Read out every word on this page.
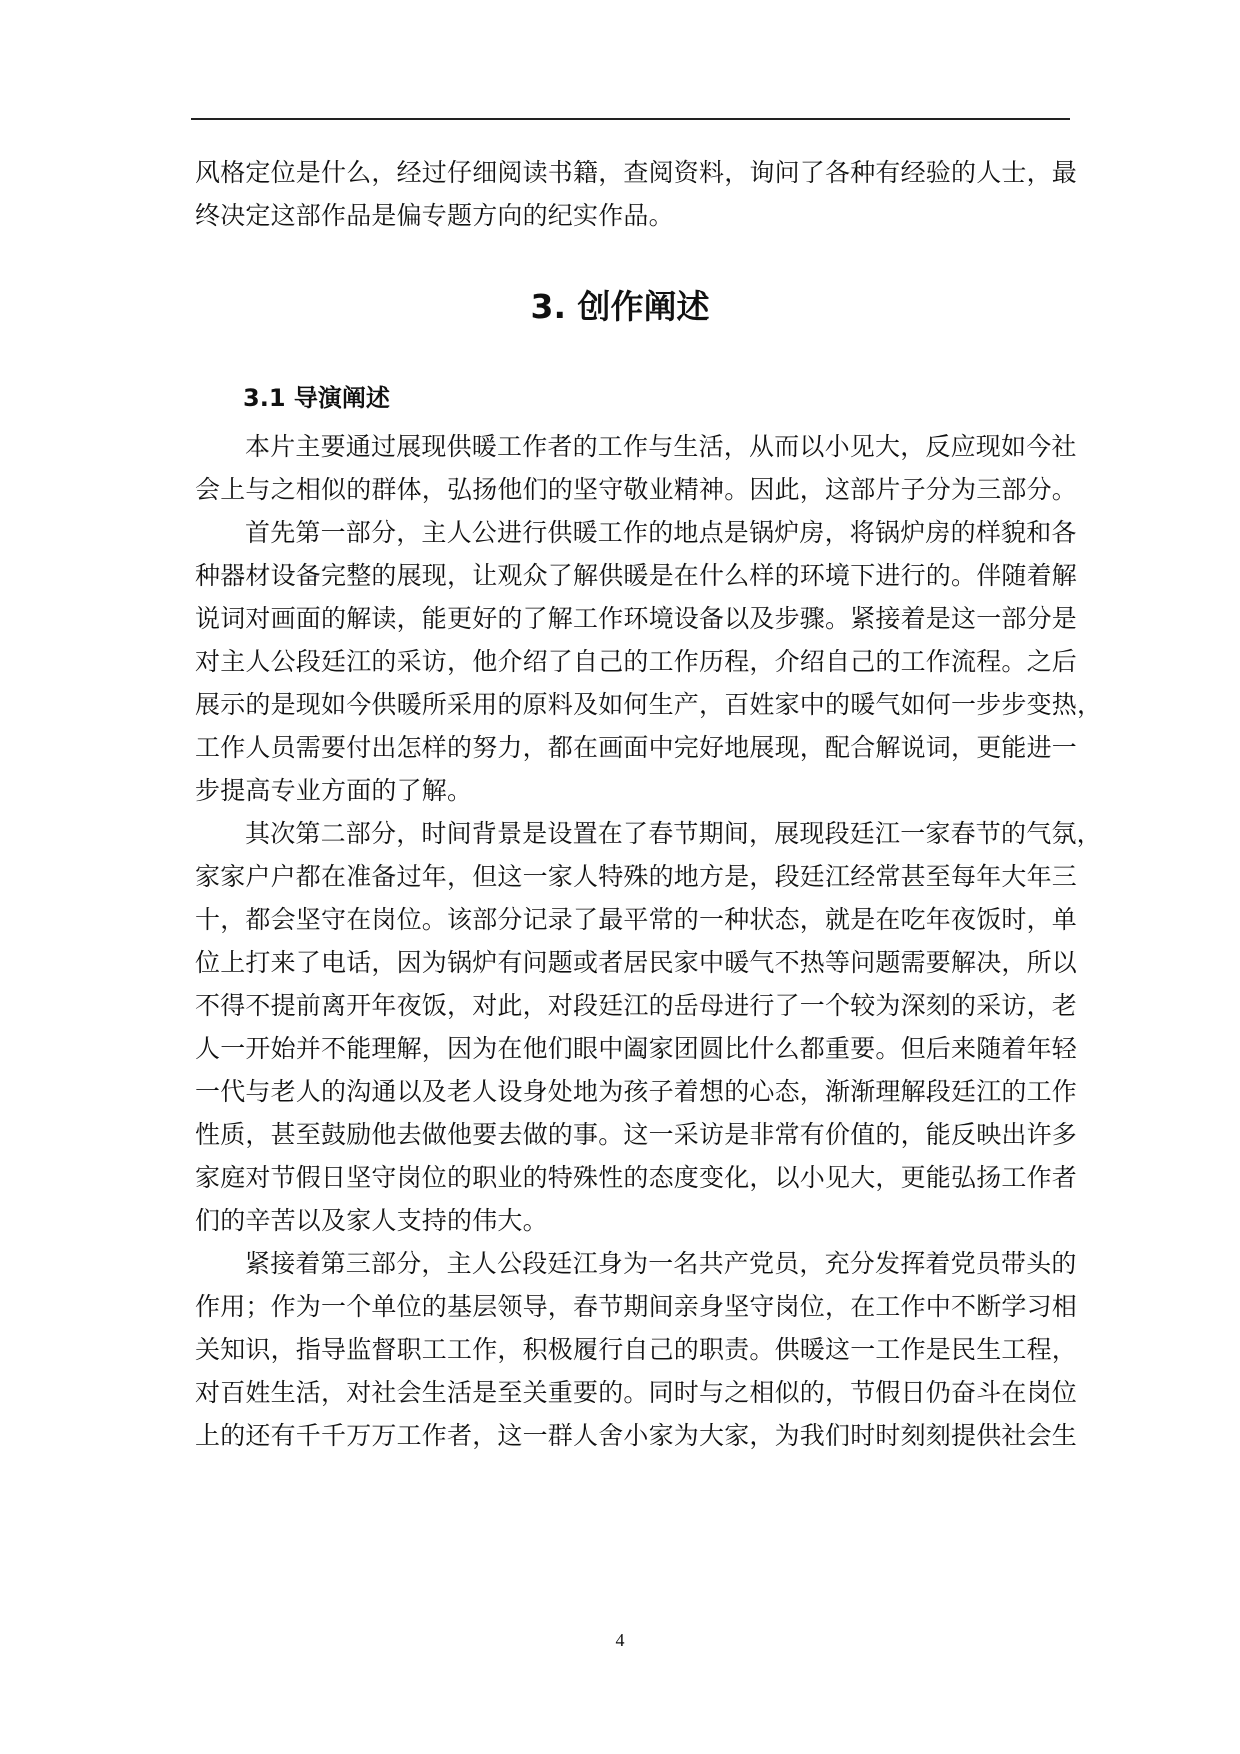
风格定位是什么，经过仔细阅读书籍，查阅资料，询问了各种有经验的人士，最
终决定这部作品是偏专题方向的纪实作品。
3. 创作阐述
3.1 导演阐述

本片主要通过展现供暖工作者的工作与生活，从而以小见大，反应现如今社
会上与之相似的群体，弘扬他们的坚守敬业精神。因此，这部片子分为三部分。

首先第一部分，主人公进行供暖工作的地点是锅炉房，将锅炉房的样貌和各
种器材设备完整的展现，让观众了解供暖是在什么样的环境下进行的。伴随着解
说词对画面的解读，能更好的了解工作环境设备以及步骤。紧接着是这一部分是
对主人公段廷江的采访，他介绍了自己的工作历程，介绍自己的工作流程。之后
展示的是现如今供暖所采用的原料及如何生产，百姓家中的暖气如何一步步变热，
工作人员需要付出怎样的努力，都在画面中完好地展现，配合解说词，更能进一
步提高专业方面的了解。

其次第二部分，时间背景是设置在了春节期间，展现段廷江一家春节的气氛，
家家户户都在准备过年，但这一家人特殊的地方是，段廷江经常甚至每年大年三
十，都会坚守在岗位。该部分记录了最平常的一种状态，就是在吃年夜饭时，单
位上打来了电话，因为锅炉有问题或者居民家中暖气不热等问题需要解决，所以
不得不提前离开年夜饭，对此，对段廷江的岳母进行了一个较为深刻的采访，老
人一开始并不能理解，因为在他们眼中阖家团圆比什么都重要。但后来随着年轻
一代与老人的沟通以及老人设身处地为孩子着想的心态，渐渐理解段廷江的工作
性质，甚至鼓励他去做他要去做的事。这一采访是非常有价值的，能反映出许多
家庭对节假日坚守岗位的职业的特殊性的态度变化，以小见大，更能弘扬工作者
们的辛苦以及家人支持的伟大。

紧接着第三部分，主人公段廷江身为一名共产党员，充分发挥着党员带头的
作用；作为一个单位的基层领导，春节期间亲身坚守岗位，在工作中不断学习相
关知识，指导监督职工工作，积极履行自己的职责。供暖这一工作是民生工程，
对百姓生活，对社会生活是至关重要的。同时与之相似的，节假日仍奋斗在岗位
上的还有千千万万工作者，这一群人舍小家为大家，为我们时时刻刻提供社会生

4
